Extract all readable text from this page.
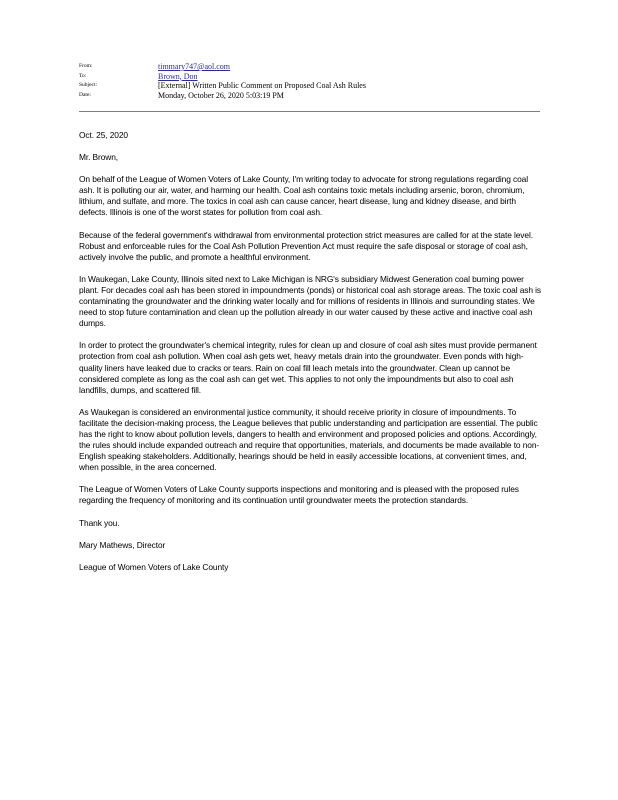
From:	timmary747@aol.com
To:	Brown, Don
Subject:	[External] Written Public Comment on Proposed Coal Ash Rules
Date:	Monday, October 26, 2020 5:03:19 PM

Oct. 25, 2020

Mr. Brown,

On behalf of the League of Women Voters of Lake County, I'm writing today to advocate for strong regulations regarding coal ash. It is polluting our air, water, and harming our health. Coal ash contains toxic metals including arsenic, boron, chromium, lithium, and sulfate, and more. The toxics in coal ash can cause cancer, heart disease, lung and kidney disease, and birth defects. Illinois is one of the worst states for pollution from coal ash.

Because of the federal government's withdrawal from environmental protection strict measures are called for at the state level. Robust and enforceable rules for the Coal Ash Pollution Prevention Act must require the safe disposal or storage of coal ash, actively involve the public, and promote a healthful environment.

In Waukegan, Lake County, Illinois sited next to Lake Michigan is NRG's subsidiary Midwest Generation coal burning power plant. For decades coal ash has been stored in impoundments (ponds) or historical coal ash storage areas. The toxic coal ash is contaminating the groundwater and the drinking water locally and for millions of residents in Illinois and surrounding states. We need to stop future contamination and clean up the pollution already in our water caused by these active and inactive coal ash dumps.

In order to protect the groundwater's chemical integrity, rules for clean up and closure of coal ash sites must provide permanent protection from coal ash pollution. When coal ash gets wet, heavy metals drain into the groundwater. Even ponds with high-quality liners have leaked due to cracks or tears. Rain on coal fill leach metals into the groundwater. Clean up cannot be considered complete as long as the coal ash can get wet. This applies to not only the impoundments but also to coal ash landfills, dumps, and scattered fill.

As Waukegan is considered an environmental justice community, it should receive priority in closure of impoundments. To facilitate the decision-making process, the League believes that public understanding and participation are essential. The public has the right to know about pollution levels, dangers to health and environment and proposed policies and options. Accordingly, the rules should include expanded outreach and require that opportunities, materials, and documents be made available to non-English speaking stakeholders. Additionally, hearings should be held in easily accessible locations, at convenient times, and, when possible, in the area concerned.

The League of Women Voters of Lake County supports inspections and monitoring and is pleased with the proposed rules regarding the frequency of monitoring and its continuation until groundwater meets the protection standards.

Thank you.

Mary Mathews, Director

League of Women Voters of Lake County
